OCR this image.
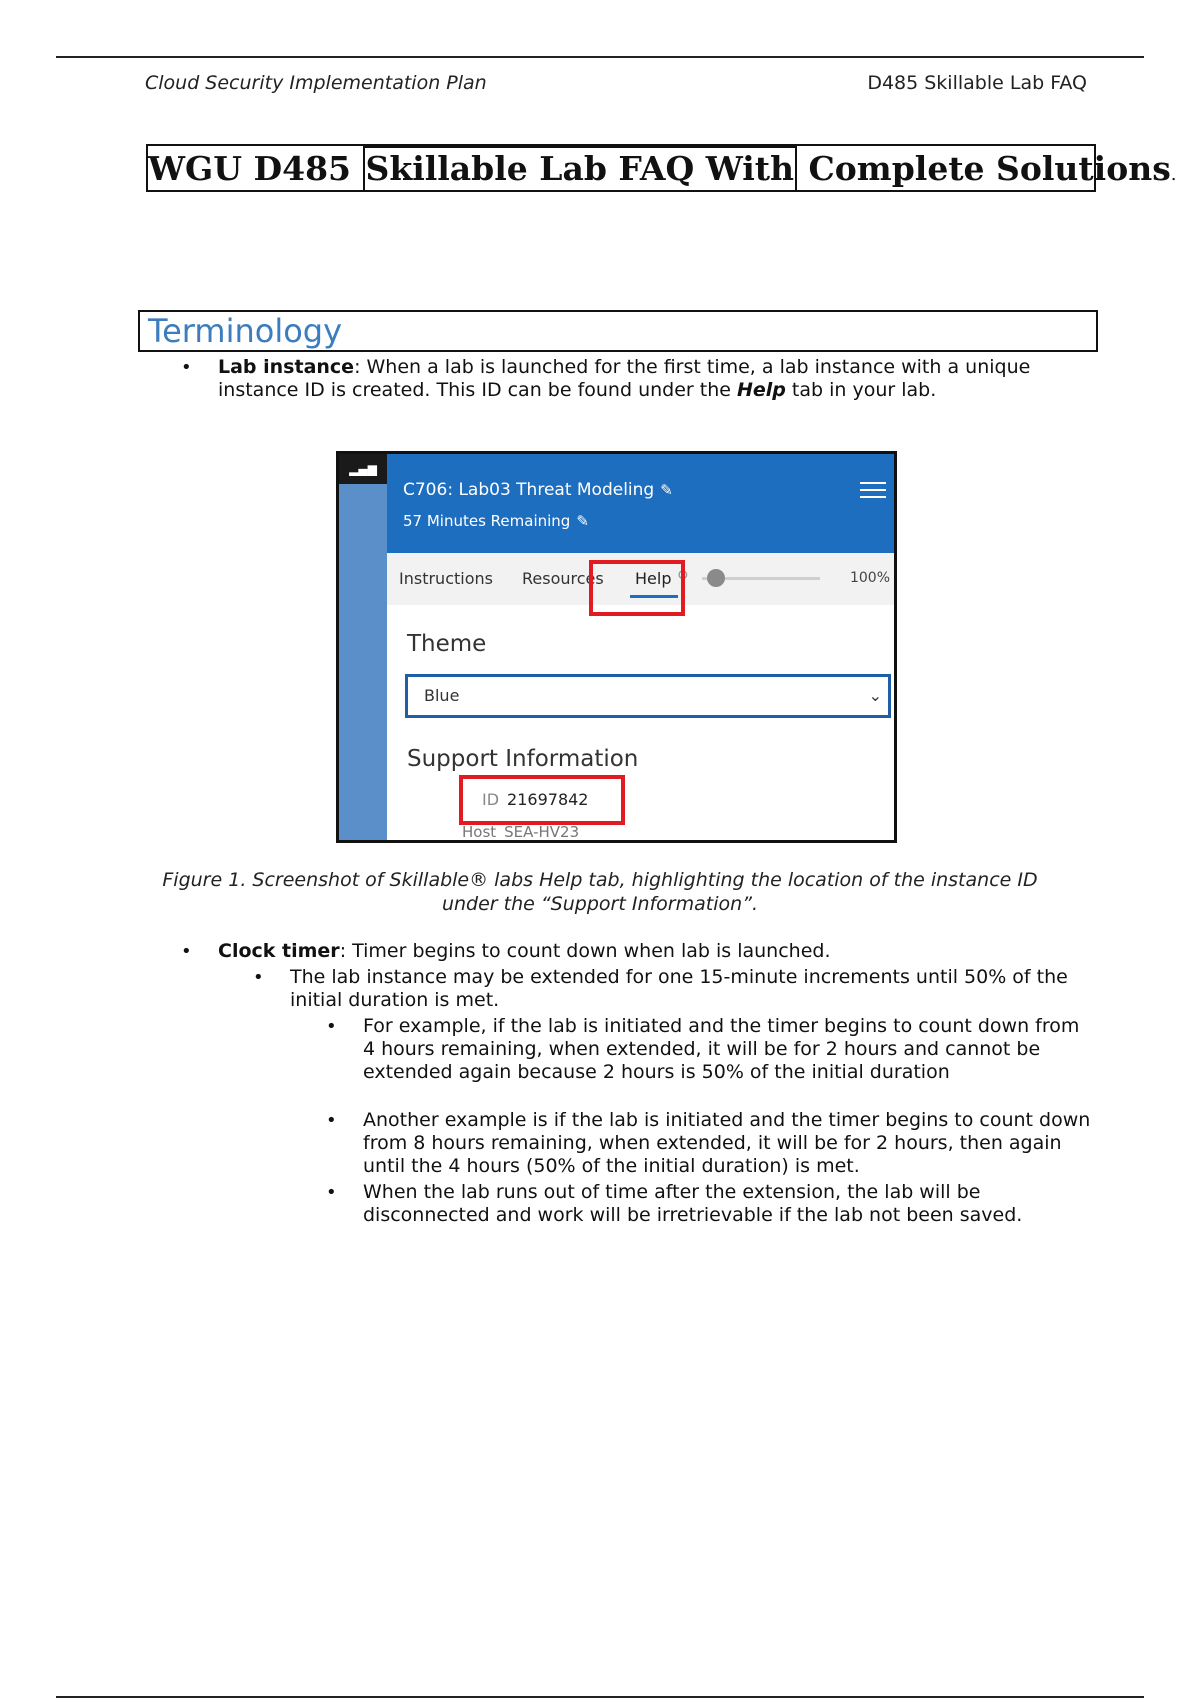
Cloud Security Implementation Plan	D485 Skillable Lab FAQ
WGU D485 Skillable Lab FAQ With Complete Solutions.
Terminology
• Lab instance: When a lab is launched for the first time, a lab instance with a unique instance ID is created. This ID can be found under the Help tab in your lab.
▂▄▆
C706: Lab03 Threat Modeling ✎
57 Minutes Remaining ✎
Instructions Resources Help ⚲	100%
Theme
Blue	⌄
Support Information
ID 21697842
Host SEA-HV23
Figure 1. Screenshot of Skillable® labs Help tab, highlighting the location of the instance ID under the “Support Information”.
• Clock timer: Timer begins to count down when lab is launched.
• The lab instance may be extended for one 15-minute increments until 50% of the initial duration is met.
• For example, if the lab is initiated and the timer begins to count down from 4 hours remaining, when extended, it will be for 2 hours and cannot be extended again because 2 hours is 50% of the initial duration
• Another example is if the lab is initiated and the timer begins to count down from 8 hours remaining, when extended, it will be for 2 hours, then again until the 4 hours (50% of the initial duration) is met.
• When the lab runs out of time after the extension, the lab will be disconnected and work will be irretrievable if the lab not been saved.
